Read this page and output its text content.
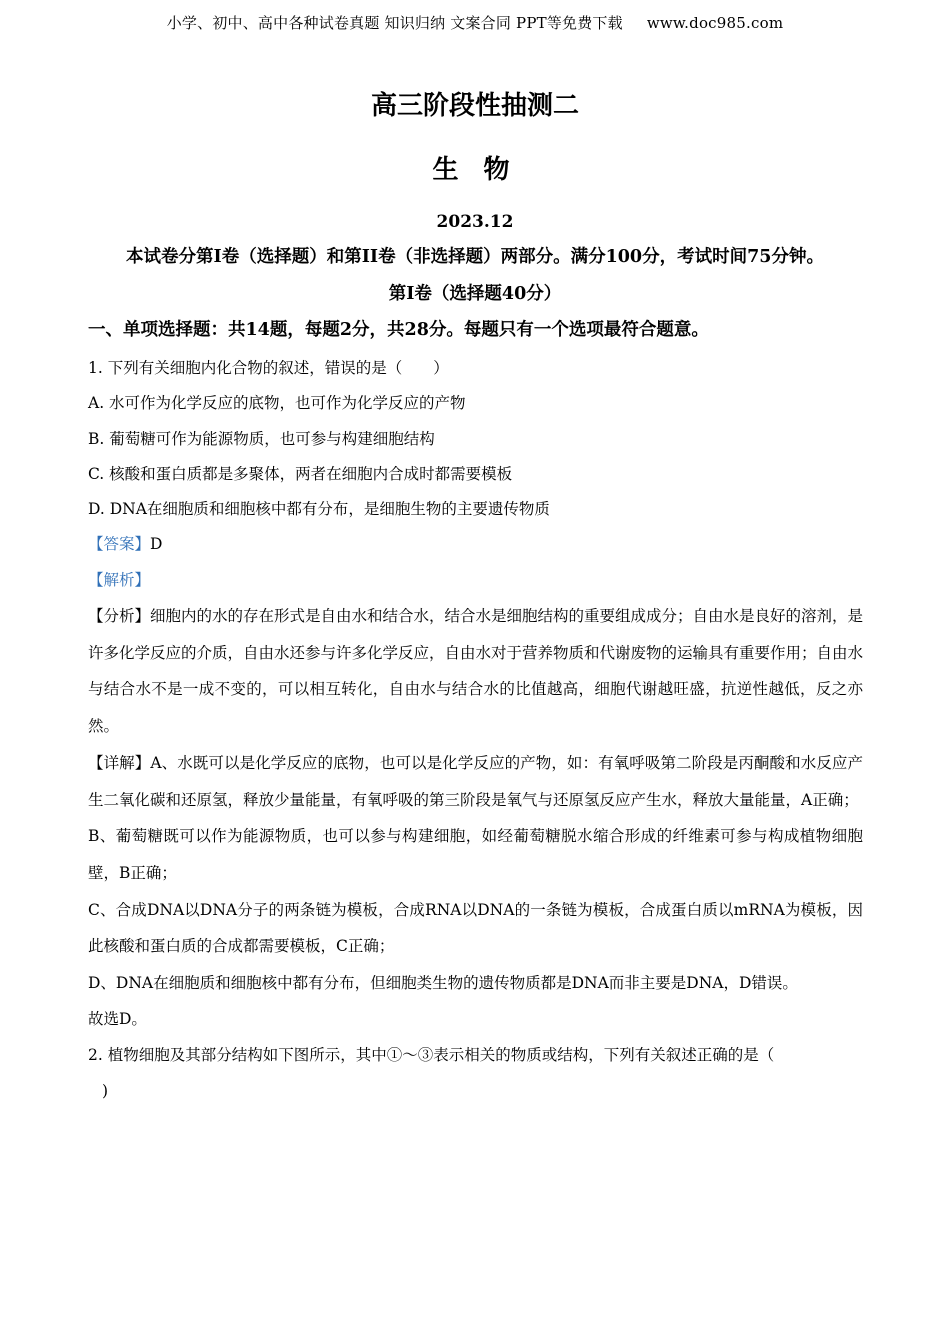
小学、初中、高中各种试卷真题 知识归纳 文案合同 PPT等免费下载 www.doc985.com
高三阶段性抽测二
生 物
2023.12
本试卷分第I卷（选择题）和第II卷（非选择题）两部分。满分100分，考试时间75分钟。
第I卷（选择题40分）
一、单项选择题：共14题，每题2分，共28分。每题只有一个选项最符合题意。
1. 下列有关细胞内化合物的叙述，错误的是（　　）
A. 水可作为化学反应的底物，也可作为化学反应的产物
B. 葡萄糖可作为能源物质，也可参与构建细胞结构
C. 核酸和蛋白质都是多聚体，两者在细胞内合成时都需要模板
D. DNA在细胞质和细胞核中都有分布，是细胞生物的主要遗传物质
【答案】D
【解析】
【分析】细胞内的水的存在形式是自由水和结合水，结合水是细胞结构的重要组成成分；自由水是良好的溶剂，是许多化学反应的介质，自由水还参与许多化学反应，自由水对于营养物质和代谢废物的运输具有重要作用；自由水与结合水不是一成不变的，可以相互转化，自由水与结合水的比值越高，细胞代谢越旺盛，抗逆性越低，反之亦然。
【详解】A、水既可以是化学反应的底物，也可以是化学反应的产物，如：有氧呼吸第二阶段是丙酮酸和水反应产生二氧化碳和还原氢，释放少量能量，有氧呼吸的第三阶段是氧气与还原氢反应产生水，释放大量能量，A正确；
B、葡萄糖既可以作为能源物质，也可以参与构建细胞，如经葡萄糖脱水缩合形成的纤维素可参与构成植物细胞壁，B正确；
C、合成DNA以DNA分子的两条链为模板，合成RNA以DNA的一条链为模板，合成蛋白质以mRNA为模板，因此核酸和蛋白质的合成都需要模板，C正确；
D、DNA在细胞质和细胞核中都有分布，但细胞类生物的遗传物质都是DNA而非主要是DNA，D错误。
故选D。
2. 植物细胞及其部分结构如下图所示，其中①～③表示相关的物质或结构，下列有关叙述正确的是（
)
